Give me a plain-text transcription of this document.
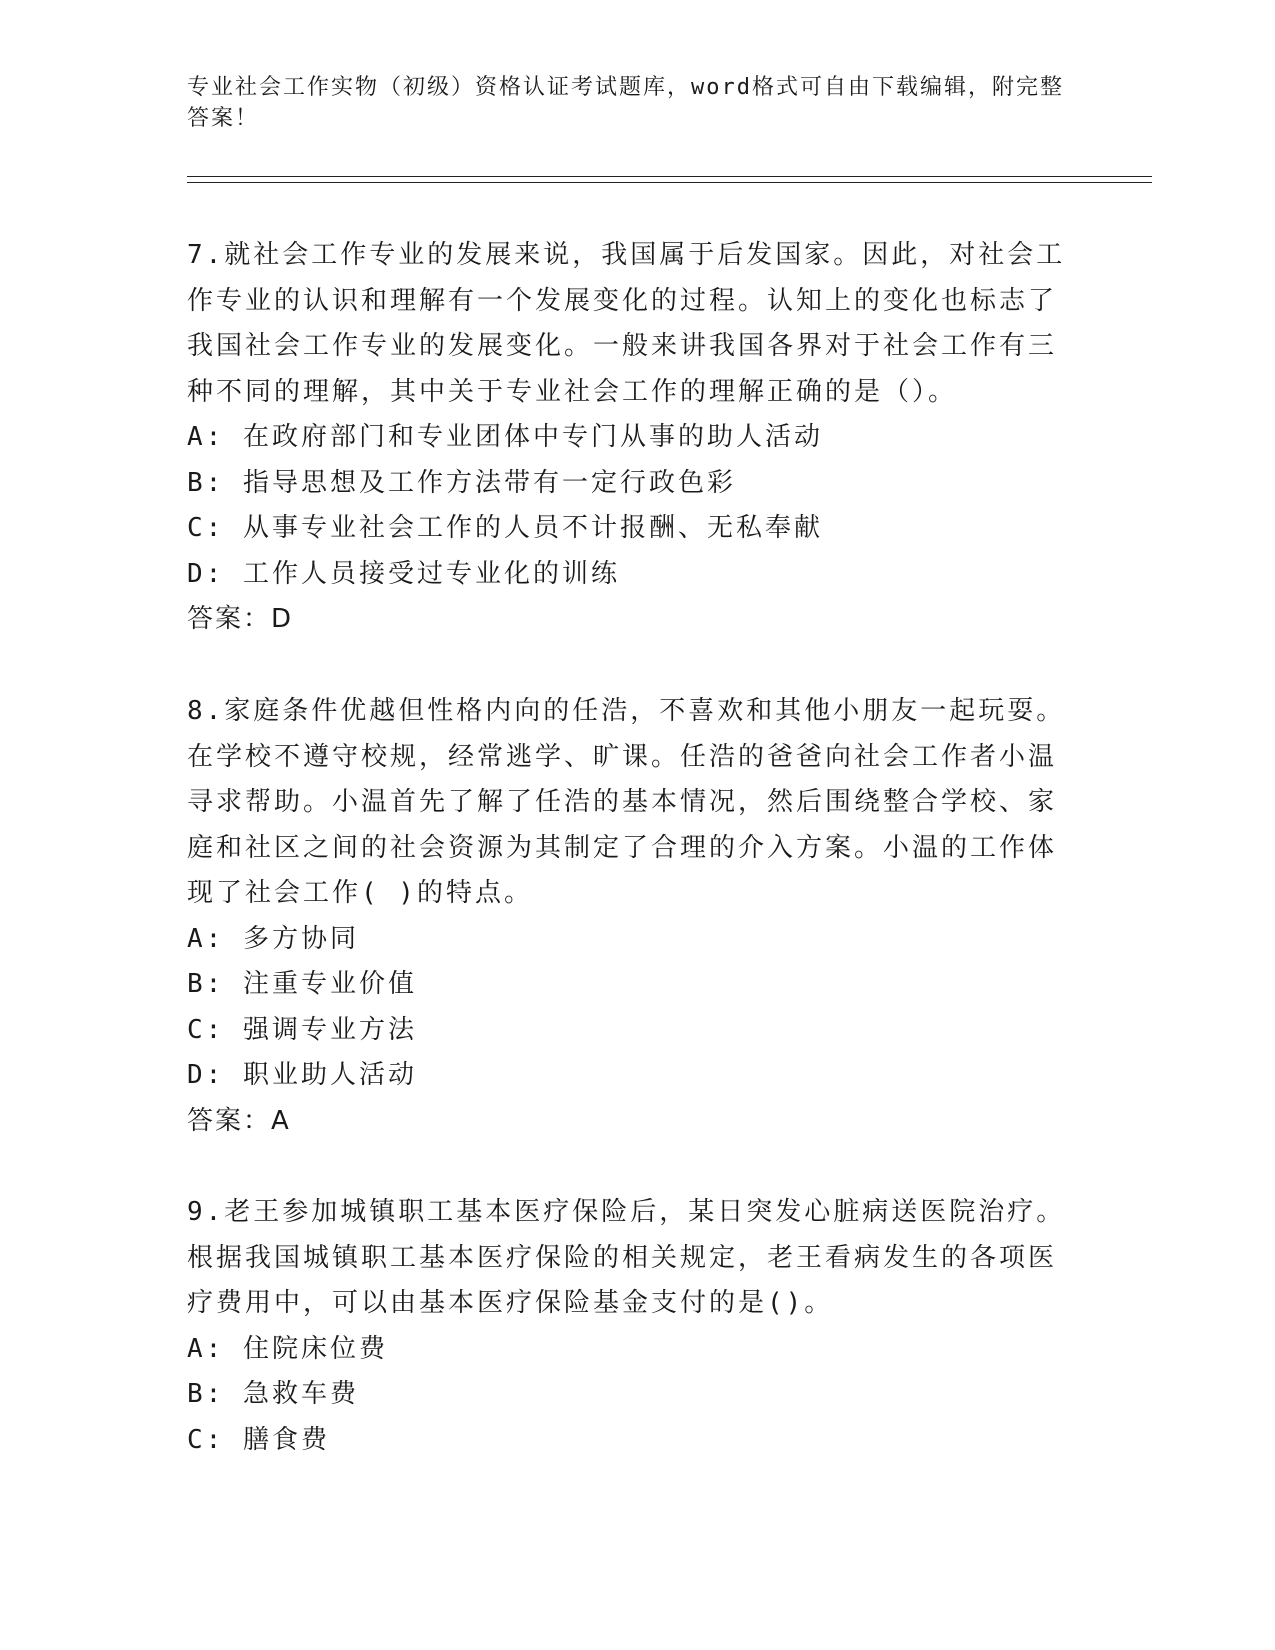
专业社会工作实物（初级）资格认证考试题库，word格式可自由下载编辑，附完整答案！
7.就社会工作专业的发展来说，我国属于后发国家。因此，对社会工作专业的认识和理解有一个发展变化的过程。认知上的变化也标志了我国社会工作专业的发展变化。一般来讲我国各界对于社会工作有三种不同的理解，其中关于专业社会工作的理解正确的是（）。
A: 在政府部门和专业团体中专门从事的助人活动
B: 指导思想及工作方法带有一定行政色彩
C: 从事专业社会工作的人员不计报酬、无私奉献
D: 工作人员接受过专业化的训练
答案：D
8.家庭条件优越但性格内向的任浩，不喜欢和其他小朋友一起玩耍。在学校不遵守校规，经常逃学、旷课。任浩的爸爸向社会工作者小温寻求帮助。小温首先了解了任浩的基本情况，然后围绕整合学校、家庭和社区之间的社会资源为其制定了合理的介入方案。小温的工作体现了社会工作( )的特点。
A: 多方协同
B: 注重专业价值
C: 强调专业方法
D: 职业助人活动
答案：A
9.老王参加城镇职工基本医疗保险后，某日突发心脏病送医院治疗。根据我国城镇职工基本医疗保险的相关规定，老王看病发生的各项医疗费用中，可以由基本医疗保险基金支付的是()。
A: 住院床位费
B: 急救车费
C: 膳食费
